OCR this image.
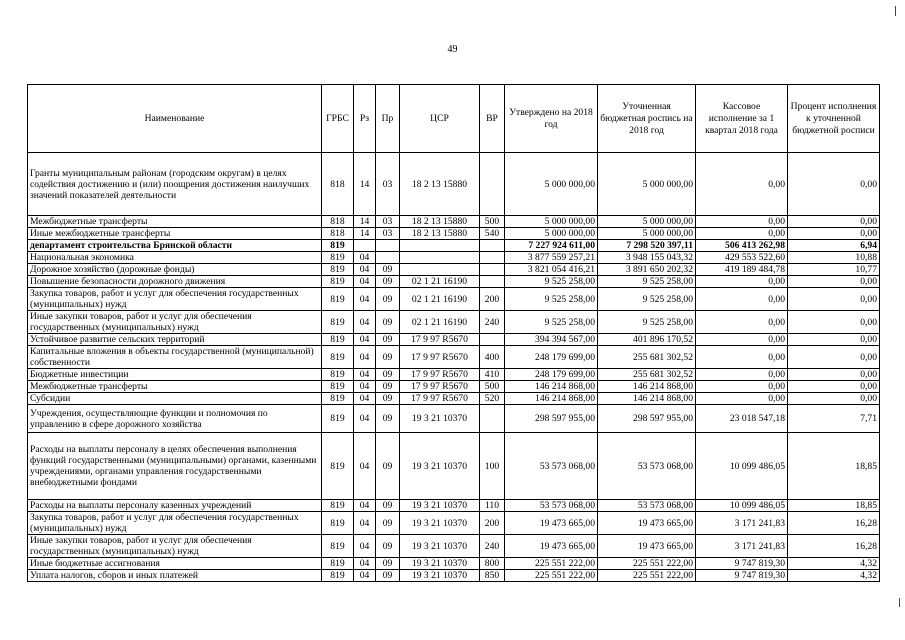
49
Наименование	ГРБС	Рз	Пр	ЦСР	ВР	Утверждено на 2018 год	Уточненная бюджетная роспись на 2018 год	Кассовое исполнение за 1 квартал 2018 года	Процент исполнения к уточненной бюджетной росписи
Гранты муниципальным районам (городским округам) в целях содействия достижению и (или) поощрения достижения наилучших значений показателей деятельности	818	14	03	18 2 13 15880		5 000 000,00	5 000 000,00	0,00	0,00
Межбюджетные трансферты	818	14	03	18 2 13 15880	500	5 000 000,00	5 000 000,00	0,00	0,00
Иные межбюджетные трансферты	818	14	03	18 2 13 15880	540	5 000 000,00	5 000 000,00	0,00	0,00
департамент строительства Брянской области	819					7 227 924 611,00	7 298 520 397,11	506 413 262,98	6,94
Национальная экономика	819	04				3 877 559 257,21	3 948 155 043,32	429 553 522,60	10,88
Дорожное хозяйство (дорожные фонды)	819	04	09			3 821 054 416,21	3 891 650 202,32	419 189 484,78	10,77
Повышение безопасности дорожного движения	819	04	09	02 1 21 16190		9 525 258,00	9 525 258,00	0,00	0,00
Закупка товаров, работ и услуг для обеспечения государственных (муниципальных) нужд	819	04	09	02 1 21 16190	200	9 525 258,00	9 525 258,00	0,00	0,00
Иные закупки товаров, работ и услуг для обеспечения государственных (муниципальных) нужд	819	04	09	02 1 21 16190	240	9 525 258,00	9 525 258,00	0,00	0,00
Устойчивое развитие сельских территорий	819	04	09	17 9 97 R5670		394 394 567,00	401 896 170,52	0,00	0,00
Капитальные вложения в объекты государственной (муниципальной) собственности	819	04	09	17 9 97 R5670	400	248 179 699,00	255 681 302,52	0,00	0,00
Бюджетные инвестиции	819	04	09	17 9 97 R5670	410	248 179 699,00	255 681 302,52	0,00	0,00
Межбюджетные трансферты	819	04	09	17 9 97 R5670	500	146 214 868,00	146 214 868,00	0,00	0,00
Субсидии	819	04	09	17 9 97 R5670	520	146 214 868,00	146 214 868,00	0,00	0,00
Учреждения, осуществляющие функции и полномочия по управлению в сфере дорожного хозяйства	819	04	09	19 3 21 10370		298 597 955,00	298 597 955,00	23 018 547,18	7,71
Расходы на выплаты персоналу в целях обеспечения выполнения функций государственными (муниципальными) органами, казенными учреждениями, органами управления государственными внебюджетными фондами	819	04	09	19 3 21 10370	100	53 573 068,00	53 573 068,00	10 099 486,05	18,85
Расходы на выплаты персоналу казенных учреждений	819	04	09	19 3 21 10370	110	53 573 068,00	53 573 068,00	10 099 486,05	18,85
Закупка товаров, работ и услуг для обеспечения государственных (муниципальных) нужд	819	04	09	19 3 21 10370	200	19 473 665,00	19 473 665,00	3 171 241,83	16,28
Иные закупки товаров, работ и услуг для обеспечения государственных (муниципальных) нужд	819	04	09	19 3 21 10370	240	19 473 665,00	19 473 665,00	3 171 241,83	16,28
Иные бюджетные ассигнования	819	04	09	19 3 21 10370	800	225 551 222,00	225 551 222,00	9 747 819,30	4,32
Уплата налогов, сборов и иных платежей	819	04	09	19 3 21 10370	850	225 551 222,00	225 551 222,00	9 747 819,30	4,32
